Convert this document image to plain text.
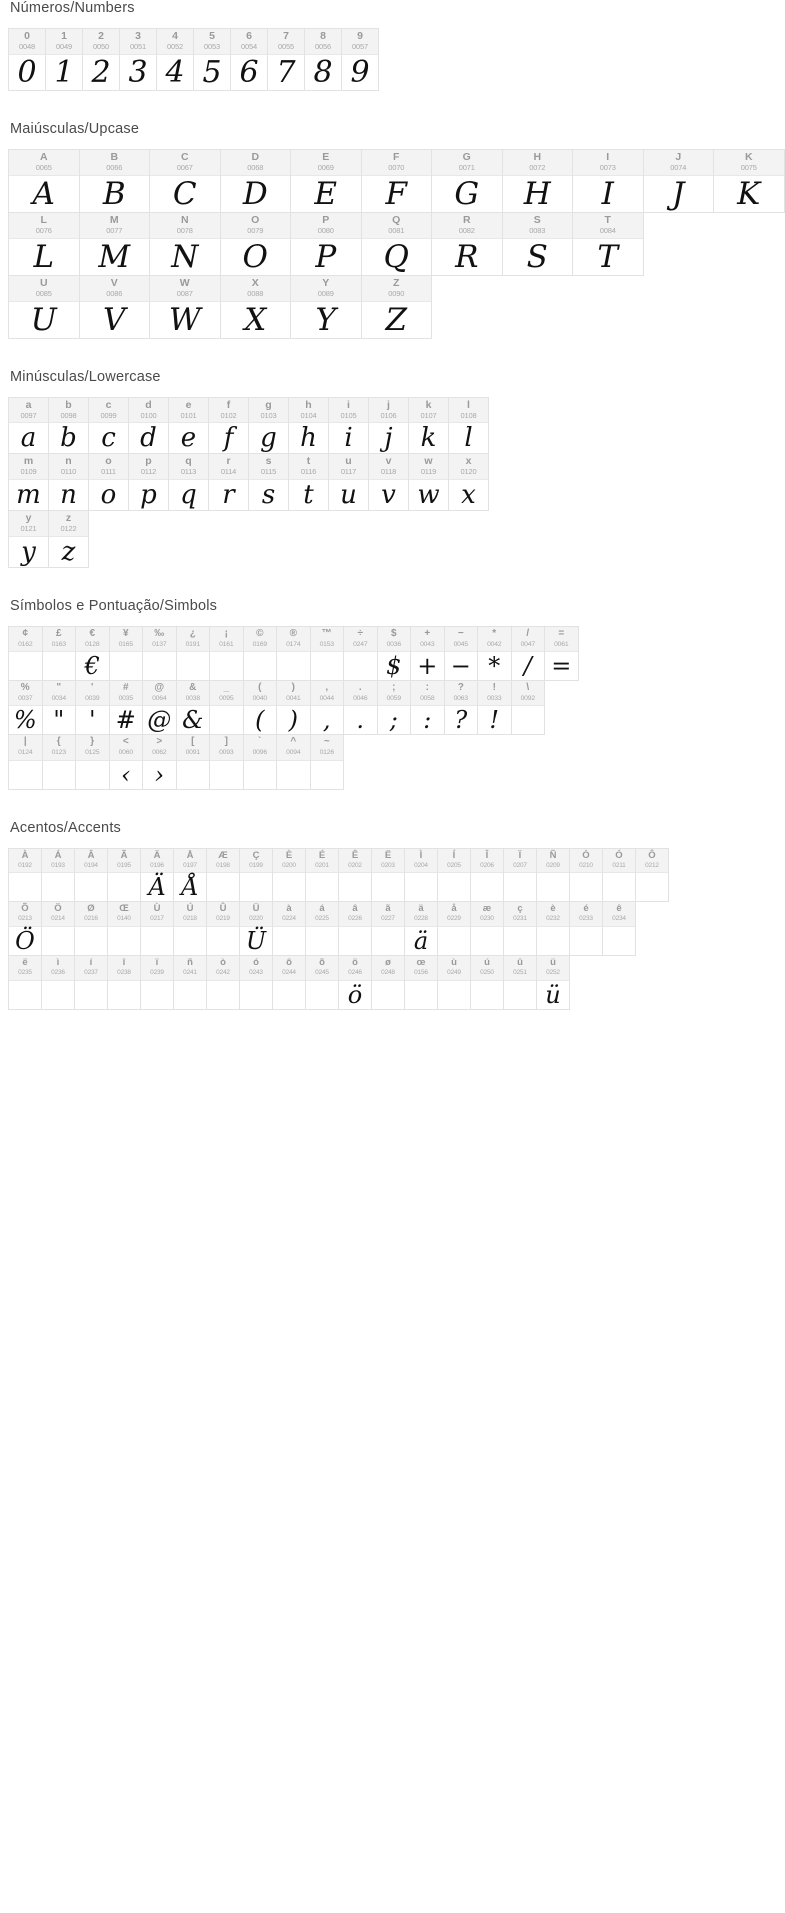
Números/Numbers
0
0048
0
1
0049
1
2
0050
2
3
0051
3
4
0052
4
5
0053
5
6
0054
6
7
0055
7
8
0056
8
9
0057
9
Maiúsculas/Upcase
A
0065
A
B
0066
B
C
0067
C
D
0068
D
E
0069
E
F
0070
F
G
0071
G
H
0072
H
I
0073
I
J
0074
J
K
0075
K
L
0076
L
M
0077
M
N
0078
N
O
0079
O
P
0080
P
Q
0081
Q
R
0082
R
S
0083
S
T
0084
T
U
0085
U
V
0086
V
W
0087
W
X
0088
X
Y
0089
Y
Z
0090
Z
Minúsculas/Lowercase
a
0097
a
b
0098
b
c
0099
c
d
0100
d
e
0101
e
f
0102
f
g
0103
g
h
0104
h
i
0105
i
j
0106
j
k
0107
k
l
0108
l
m
0109
m
n
0110
n
o
0111
o
p
0112
p
q
0113
q
r
0114
r
s
0115
s
t
0116
t
u
0117
u
v
0118
v
w
0119
w
x
0120
x
y
0121
y
z
0122
z
Símbolos e Pontuação/Simbols
¢
0162
£
0163
€
0128
€
¥
0165
‰
0137
¿
0191
¡
0161
©
0169
®
0174
™
0153
÷
0247
$
0036
$
+
0043
+
−
0045
−
*
0042
*
/
0047
/
=
0061
=
%
0037
%
"
0034
"
'
0039
'
#
0035
#
@
0064
@
&
0038
&
_
0095
(
0040
(
)
0041
)
,
0044
,
.
0046
.
;
0059
;
:
0058
:
?
0063
?
!
0033
!
\
0092
|
0124
{
0123
}
0125
<
0060
‹
>
0062
›
[
0091
]
0093
`
0096
^
0094
~
0126
Acentos/Accents
À
0192
Á
0193
Â
0194
Ã
0195
Ä
0196
Ä
Å
0197
Å
Æ
0198
Ç
0199
È
0200
É
0201
Ê
0202
Ë
0203
Ì
0204
Í
0205
Î
0206
Ï
0207
Ñ
0209
Ò
0210
Ó
0211
Ô
0212
Õ
0213
Ö
Ö
0214
Ø
0216
Œ
0140
Ù
0217
Ú
0218
Û
0219
Ü
0220
Ü
à
0224
á
0225
â
0226
ã
0227
ä
0228
ä
å
0229
æ
0230
ç
0231
è
0232
é
0233
ê
0234
ë
0235
ì
0236
í
0237
î
0238
ï
0239
ñ
0241
ò
0242
ó
0243
ô
0244
õ
0245
ö
0246
ö
ø
0248
œ
0156
ù
0249
ú
0250
û
0251
ü
0252
ü
